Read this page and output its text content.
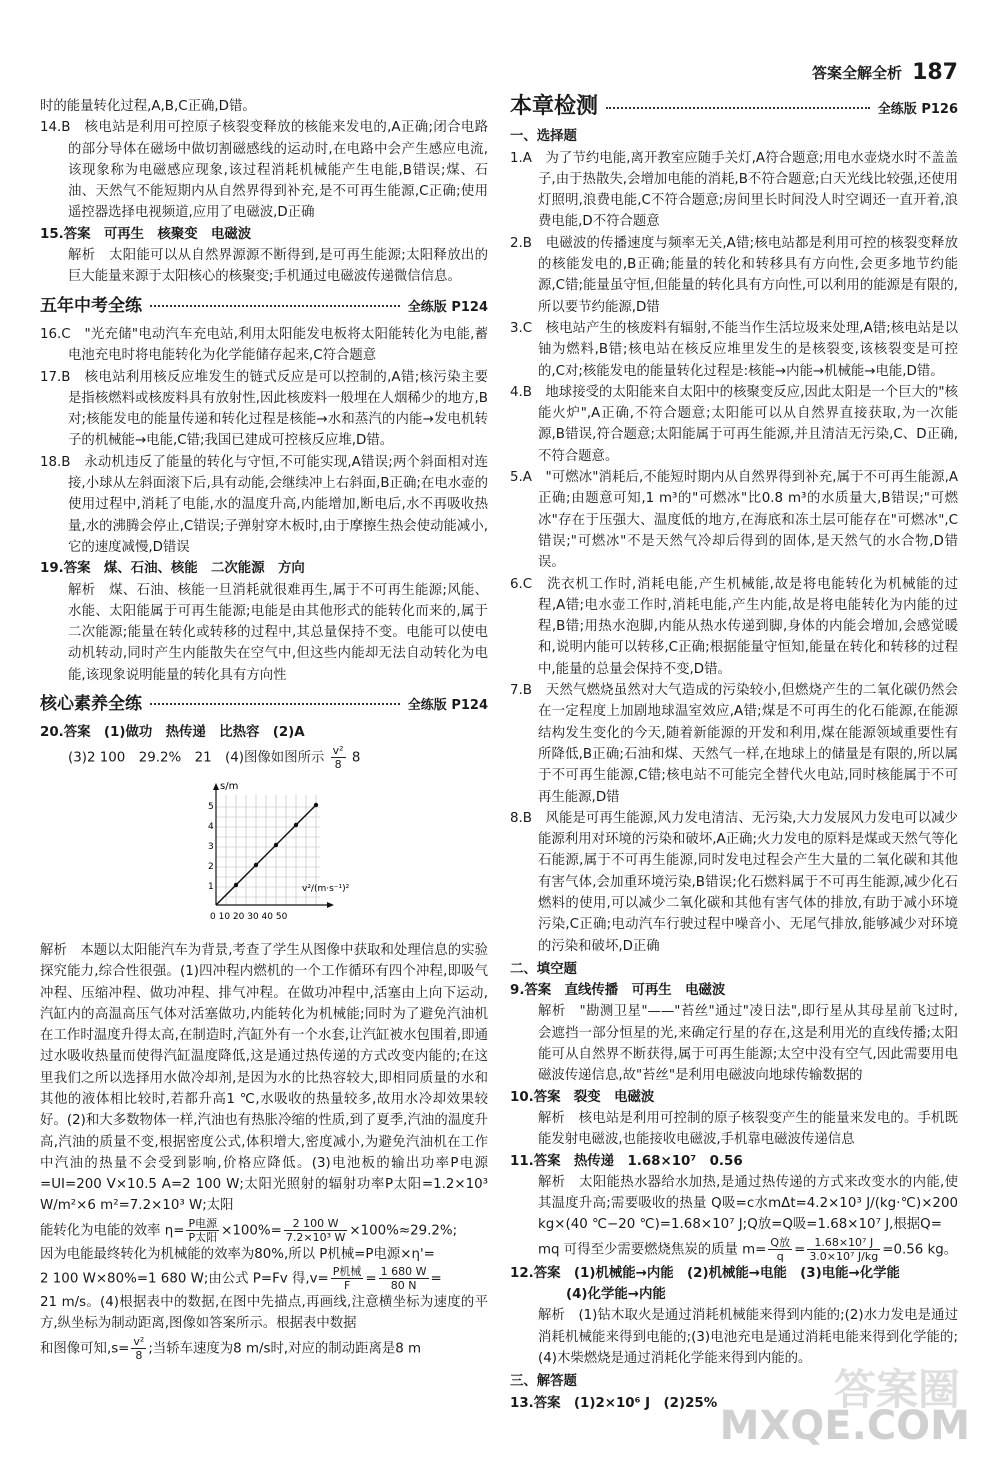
答案全解全析 187

时的能量转化过程,A,B,C正确,D错。

14.B　核电站是利用可控原子核裂变释放的核能来发电的,A正确;闭合电路的部分导体在磁场中做切割磁感线的运动时,在电路中会产生感应电流,该现象称为电磁感应现象,该过程消耗机械能产生电能,B错误;煤、石油、天然气不能短期内从自然界得到补充,是不可再生能源,C正确;使用遥控器选择电视频道,应用了电磁波,D正确

15.答案　可再生　核聚变　电磁波

解析　太阳能可以从自然界源源不断得到,是可再生能源;太阳释放出的巨大能量来源于太阳核心的核聚变;手机通过电磁波传递微信信息。

五年中考全练	全练版 P124

16.C　"光充储"电动汽车充电站,利用太阳能发电板将太阳能转化为电能,蓄电池充电时将电能转化为化学能储存起来,C符合题意

17.B　核电站利用核反应堆发生的链式反应是可以控制的,A错;核污染主要是指核燃料或核废料具有放射性,因此核废料一般埋在人烟稀少的地方,B对;核能发电的能量传递和转化过程是核能→水和蒸汽的内能→发电机转子的机械能→电能,C错;我国已建成可控核反应堆,D错。

18.B　永动机违反了能量的转化与守恒,不可能实现,A错误;两个斜面相对连接,小球从左斜面滚下后,具有动能,会继续冲上右斜面,B正确;在电水壶的使用过程中,消耗了电能,水的温度升高,内能增加,断电后,水不再吸收热量,水的沸腾会停止,C错误;子弹射穿木板时,由于摩擦生热会使动能减小,它的速度减慢,D错误

19.答案　煤、石油、核能　二次能源　方向

解析　煤、石油、核能一旦消耗就很难再生,属于不可再生能源;风能、水能、太阳能属于可再生能源;电能是由其他形式的能转化而来的,属于二次能源;能量在转化或转移的过程中,其总量保持不变。电能可以使电动机转动,同时产生内能散失在空气中,但这些内能却无法自动转化为电能,该现象说明能量的转化具有方向性

核心素养全练	全练版 P124

20.答案　(1)做功　热传递　比热容　(2)A

(3)2 100　29.2%　21　(4)图像如图所示 $\frac{\text{v²}}{8} 8$

s/m
5
4
3
2
1
0 10 20 30 40 50
v²/(m·s⁻¹)²

解析　本题以太阳能汽车为背景,考查了学生从图像中获取和处理信息的实验探究能力,综合性很强。(1)四冲程内燃机的一个工作循环有四个冲程,即吸气冲程、压缩冲程、做功冲程、排气冲程。在做功冲程中,活塞由上向下运动,汽缸内的高温高压气体对活塞做功,内能转化为机械能;同时为了避免汽油机在工作时温度升得太高,在制造时,汽缸外有一个水套,让汽缸被水包围着,即通过水吸收热量而使得汽缸温度降低,这是通过热传递的方式改变内能的;在这里我们之所以选择用水做冷却剂,是因为水的比热容较大,即相同质量的水和其他的液体相比较时,若都升高1 ℃,水吸收的热量较多,故用水冷却效果较好。(2)和大多数物体一样,汽油也有热胀冷缩的性质,到了夏季,汽油的温度升高,汽油的质量不变,根据密度公式,体积增大,密度减小,为避免汽油机在工作中汽油的热量不会受到影响,价格应降低。(3)电池板的输出功率P电源=UI=200 V×10.5 A=2 100 W;太阳光照射的辐射功率P太阳=1.2×10³ W/m²×6 m²=7.2×10³ W;太阳

能转化为电能的效率 $\eta= \frac{\text{P电源}}{\text{P太阳}} \times 100\%= \frac{2 100 W}{\text{7.2×10³ W}} \times 100\%\approx 29.2\%$;

因为电能最终转化为机械能的效率为80%,所以 P机械=P电源×η'=

2 100 W×80%=1 680 W;由公式 P=Fv 得$,v= \frac{\text{P机械}}{F} = \frac{1 680 W}{80 N}$ =

21 m/s。(4)根据表中的数据,在图中先描点,再画线,注意横坐标为速度的平方,纵坐标为制动距离,图像如答案所示。根据表中数据

和图像可知$,s= \frac{\text{v²}}{8}$ ;当轿车速度为8 m/s时,对应的制动距离是8 m

本章检测	全练版 P126

一、选择题

1.A　为了节约电能,离开教室应随手关灯,A符合题意;用电水壶烧水时不盖盖子,由于热散失,会增加电能的消耗,B不符合题意;白天光线比较强,还使用灯照明,浪费电能,C不符合题意;房间里长时间没人时空调还一直开着,浪费电能,D不符合题意

2.B　电磁波的传播速度与频率无关,A错;核电站都是利用可控的核裂变释放的核能发电的,B正确;能量的转化和转移具有方向性,会更多地节约能源,C错;能量虽守恒,但能量的转化具有方向性,可以利用的能源是有限的,所以要节约能源,D错

3.C　核电站产生的核废料有辐射,不能当作生活垃圾来处理,A错;核电站是以铀为燃料,B错;核电站在核反应堆里发生的是核裂变,该核裂变是可控的,C对;核能发电的能量转化过程是:核能→内能→机械能→电能,D错。

4.B　地球接受的太阳能来自太阳中的核聚变反应,因此太阳是一个巨大的"核能火炉",A正确,不符合题意;太阳能可以从自然界直接获取,为一次能源,B错误,符合题意;太阳能属于可再生能源,并且清洁无污染,C、D正确,不符合题意。

5.A　"可燃冰"消耗后,不能短时期内从自然界得到补充,属于不可再生能源,A正确;由题意可知,1 m³的"可燃冰"比0.8 m³的水质量大,B错误;"可燃冰"存在于压强大、温度低的地方,在海底和冻土层可能存在"可燃冰",C错误;"可燃冰"不是天然气冷却后得到的固体,是天然气的水合物,D错误。

6.C　洗衣机工作时,消耗电能,产生机械能,故是将电能转化为机械能的过程,A错;电水壶工作时,消耗电能,产生内能,故是将电能转化为内能的过程,B错;用热水泡脚,内能从热水传递到脚,身体的内能会增加,会感觉暖和,说明内能可以转移,C正确;根据能量守恒知,能量在转化和转移的过程中,能量的总量会保持不变,D错。

7.B　天然气燃烧虽然对大气造成的污染较小,但燃烧产生的二氧化碳仍然会在一定程度上加剧地球温室效应,A错;煤是不可再生的化石能源,在能源结构发生变化的今天,随着新能源的开发和利用,煤在能源领域重要性有所降低,B正确;石油和煤、天然气一样,在地球上的储量是有限的,所以属于不可再生能源,C错;核电站不可能完全替代火电站,同时核能属于不可再生能源,D错

8.B　风能是可再生能源,风力发电清洁、无污染,大力发展风力发电可以减少能源利用对环境的污染和破坏,A正确;火力发电的原料是煤或天然气等化石能源,属于不可再生能源,同时发电过程会产生大量的二氧化碳和其他有害气体,会加重环境污染,B错误;化石燃料属于不可再生能源,减少化石燃料的使用,可以减少二氧化碳和其他有害气体的排放,有助于减小环境污染,C正确;电动汽车行驶过程中噪音小、无尾气排放,能够减少对环境的污染和破坏,D正确

二、填空题

9.答案　直线传播　可再生　电磁波

解析　"勘测卫星"——"苔丝"通过"凌日法",即行星从其母星前飞过时,会遮挡一部分恒星的光,来确定行星的存在,这是利用光的直线传播;太阳能可从自然界不断获得,属于可再生能源;太空中没有空气,因此需要用电磁波传递信息,故"苔丝"是利用电磁波向地球传输数据的

10.答案　裂变　电磁波

解析　核电站是利用可控制的原子核裂变产生的能量来发电的。手机既能发射电磁波,也能接收电磁波,手机靠电磁波传递信息

11.答案　热传递　1.68×10⁷　0.56

解析　太阳能热水器给水加热,是通过热传递的方式来改变水的内能,使其温度升高;需要吸收的热量 Q吸=c水mΔt=4.2×10³ J/(kg·℃)×200 kg×(40 ℃−20 ℃)=1.68×10⁷ J;Q放=Q吸=1.68×10⁷ J,根据Q=

mq 可得至少需要燃烧焦炭的质量 $m= \frac{\text{Q放}}{q} = \frac{\text{1.68×10⁷ J}}{\text{3.0×10⁷ J/kg}} =0.56$ kg。

12.答案　(1)机械能→内能　(2)机械能→电能　(3)电能→化学能

(4)化学能→内能

解析　(1)钻木取火是通过消耗机械能来得到内能的;(2)水力发电是通过消耗机械能来得到电能的;(3)电池充电是通过消耗电能来得到化学能的;(4)木柴燃烧是通过消耗化学能来得到内能的。

三、解答题

13.答案　(1)2×10⁶ J　(2)25%	答案圈
MXQE.COM
